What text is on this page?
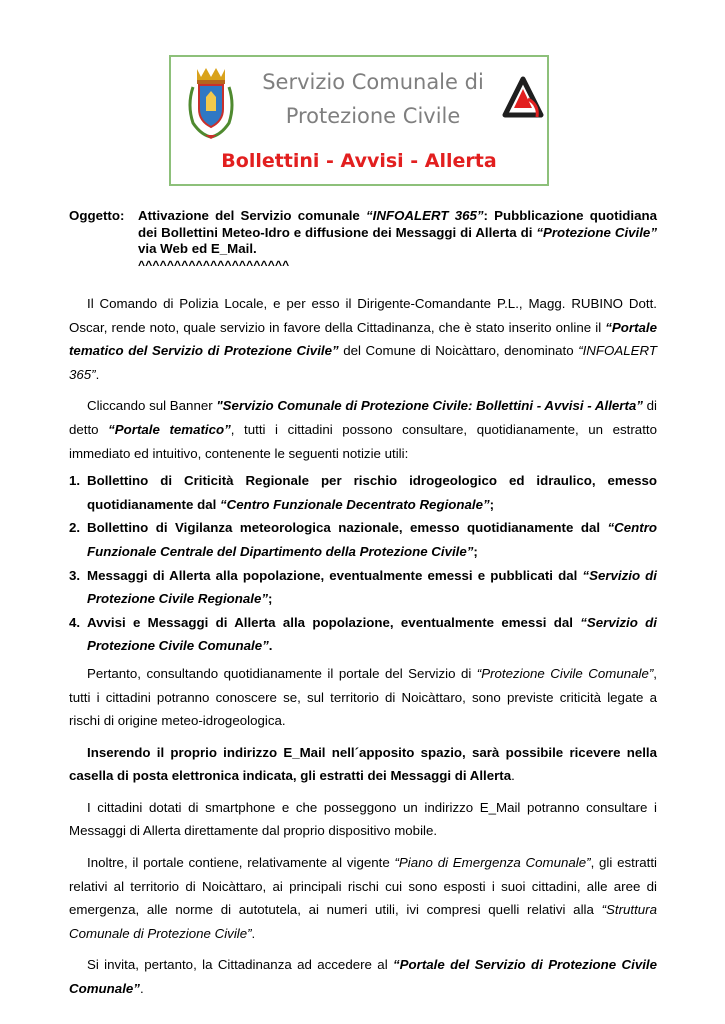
Servizio Comunale di
Protezione Civile
Bollettini - Avvisi - Allerta
Oggetto: Attivazione del Servizio comunale “INFOALERT 365”: Pubblicazione quotidiana dei Bollettini Meteo-Idro e diffusione dei Messaggi di Allerta di “Protezione Civile” via Web ed E_Mail.
^^^^^^^^^^^^^^^^^^^^^

Il Comando di Polizia Locale, e per esso il Dirigente-Comandante P.L., Magg. RUBINO Dott. Oscar, rende noto, quale servizio in favore della Cittadinanza, che è stato inserito online il “Portale tematico del Servizio di Protezione Civile” del Comune di Noicàttaro, denominato “INFOALERT 365”.

Cliccando sul Banner "Servizio Comunale di Protezione Civile: Bollettini - Avvisi - Allerta” di detto “Portale tematico”, tutti i cittadini possono consultare, quotidianamente, un estratto immediato ed intuitivo, contenente le seguenti notizie utili:

1. Bollettino di Criticità Regionale per rischio idrogeologico ed idraulico, emesso quotidianamente dal “Centro Funzionale Decentrato Regionale”;
2. Bollettino di Vigilanza meteorologica nazionale, emesso quotidianamente dal “Centro Funzionale Centrale del Dipartimento della Protezione Civile”;
3. Messaggi di Allerta alla popolazione, eventualmente emessi e pubblicati dal “Servizio di Protezione Civile Regionale”;
4. Avvisi e Messaggi di Allerta alla popolazione, eventualmente emessi dal “Servizio di Protezione Civile Comunale”.

Pertanto, consultando quotidianamente il portale del Servizio di “Protezione Civile Comunale”, tutti i cittadini potranno conoscere se, sul territorio di Noicàttaro, sono previste criticità legate a rischi di origine meteo-idrogeologica.

Inserendo il proprio indirizzo E_Mail nell´apposito spazio, sarà possibile ricevere nella casella di posta elettronica indicata, gli estratti dei Messaggi di Allerta.

I cittadini dotati di smartphone e che posseggono un indirizzo E_Mail potranno consultare i Messaggi di Allerta direttamente dal proprio dispositivo mobile.

Inoltre, il portale contiene, relativamente al vigente “Piano di Emergenza Comunale”, gli estratti relativi al territorio di Noicàttaro, ai principali rischi cui sono esposti i suoi cittadini, alle aree di emergenza, alle norme di autotutela, ai numeri utili, ivi compresi quelli relativi alla “Struttura Comunale di Protezione Civile”.

Si invita, pertanto, la Cittadinanza ad accedere al “Portale del Servizio di Protezione Civile Comunale”.
